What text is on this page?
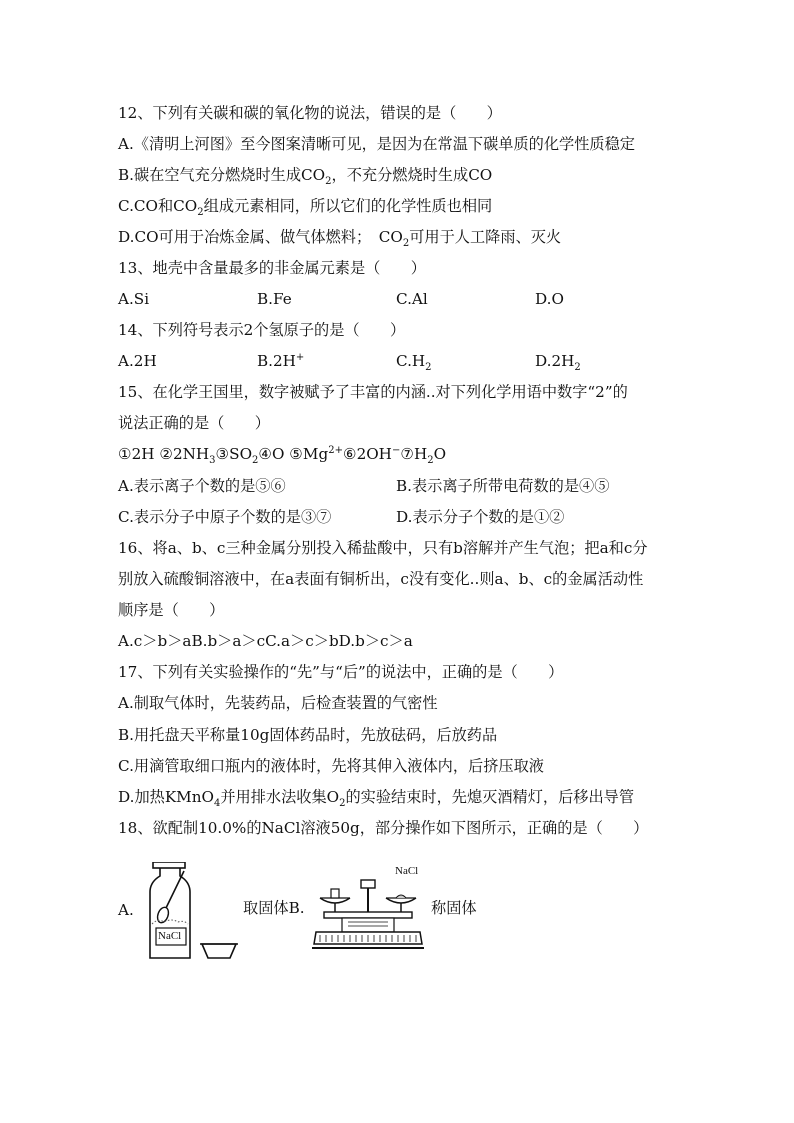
12、下列有关碳和碳的氧化物的说法，错误的是（　　）
A.《清明上河图》至今图案清晰可见，是因为在常温下碳单质的化学性质稳定
B.碳在空气充分燃烧时生成$CO_2$，不充分燃烧时生成CO
C.CO和$CO_2$组成元素相同，所以它们的化学性质也相同
D.CO可用于冶炼金属、做气体燃料；　$CO_2$可用于人工降雨、灭火
13、地壳中含量最多的非金属元素是（　　）
A.Si	B.Fe	C.Al	D.O
14、下列符号表示2个氢原子的是（　　）
A.2H	B.2H+	$C.H_2$	$D.2H_2$
15、在化学王国里，数字被赋予了丰富的内涵..对下列化学用语中数字“2”的
说法正确的是（　　）
①2H $②2NH_3③SO_2④O$ $⑤Mg^{2+}⑥2OH^-⑦H_2O$
A.表示离子个数的是⑤⑥	B.表示离子所带电荷数的是④⑤
C.表示分子中原子个数的是③⑦	D.表示分子个数的是①②
16、将a、b、c三种金属分别投入稀盐酸中，只有b溶解并产生气泡；把a和c分
别放入硫酸铜溶液中，在a表面有铜析出，c没有变化..则a、b、c的金属活动性
顺序是（　　）
A.c＞b＞aB.b＞a＞cC.a＞c＞bD.b＞c＞a
17、下列有关实验操作的“先”与“后”的说法中，正确的是（　　）
A.制取气体时，先装药品，后检查装置的气密性
B.用托盘天平称量10g固体药品时，先放砝码，后放药品
C.用滴管取细口瓶内的液体时，先将其伸入液体内，后挤压取液
D.加热KMnO$_4$并用排水法收集$O_2$的实验结束时，先熄灭酒精灯，后移出导管
18、欲配制10.0%的NaCl溶液50g，部分操作如下图所示，正确的是（　　）
A.
NaCl
取固体B.
NaCl
称固体
